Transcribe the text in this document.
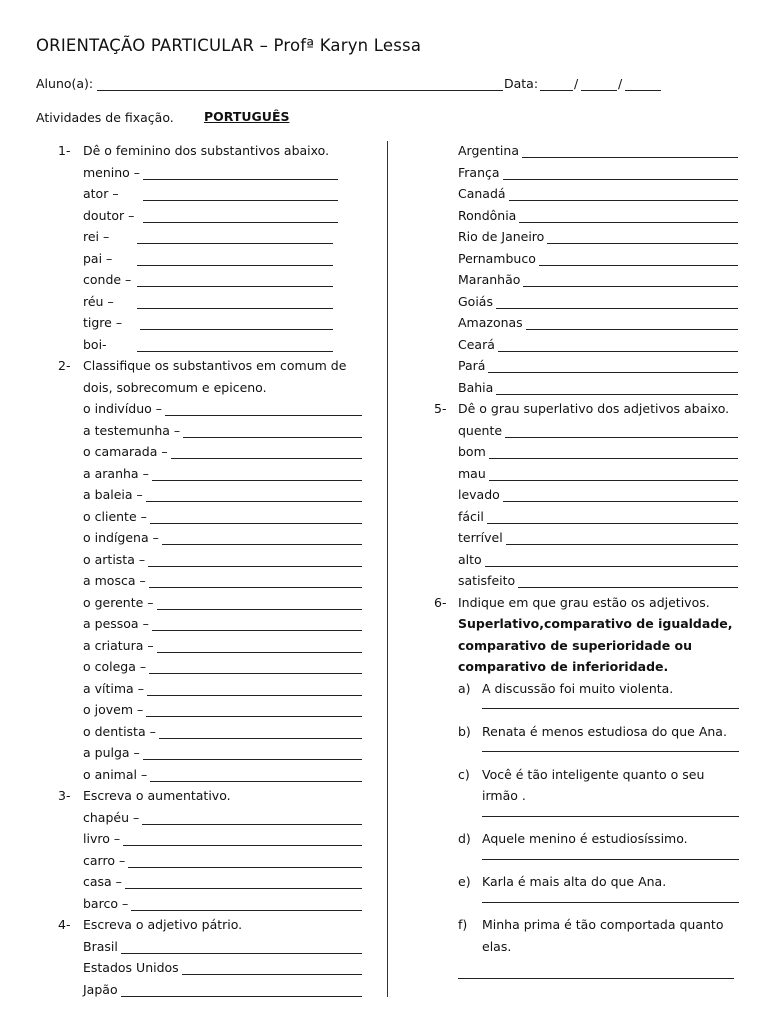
ORIENTAÇÃO PARTICULAR – Profª Karyn Lessa
Aluno(a):	Data:	/	/
Atividades de fixação. PORTUGUÊS
1- Dê o feminino dos substantivos abaixo.
menino –
ator –
doutor –
rei –
pai –
conde –
réu –
tigre –
boi-
2- Classifique os substantivos em comum de
dois, sobrecomum e epiceno.
o indivíduo –
a testemunha –
o camarada –
a aranha –
a baleia –
o cliente –
o indígena –
o artista –
a mosca –
o gerente –
a pessoa –
a criatura –
o colega –
a vítima –
o jovem –
o dentista –
a pulga –
o animal –
3- Escreva o aumentativo.
chapéu –
livro –
carro –
casa –
barco –
4- Escreva o adjetivo pátrio.
Brasil
Estados Unidos
Japão
Argentina
França
Canadá
Rondônia
Rio de Janeiro
Pernambuco
Maranhão
Goiás
Amazonas
Ceará
Pará
Bahia
5- Dê o grau superlativo dos adjetivos abaixo.
quente
bom
mau
levado
fácil
terrível
alto
satisfeito
6- Indique em que grau estão os adjetivos.
Superlativo,comparativo de igualdade,
comparativo de superioridade ou
comparativo de inferioridade.
a) A discussão foi muito violenta.
b) Renata é menos estudiosa do que Ana.
c) Você é tão inteligente quanto o seu
irmão .
d) Aquele menino é estudiosíssimo.
e) Karla é mais alta do que Ana.
f) Minha prima é tão comportada quanto
elas.
